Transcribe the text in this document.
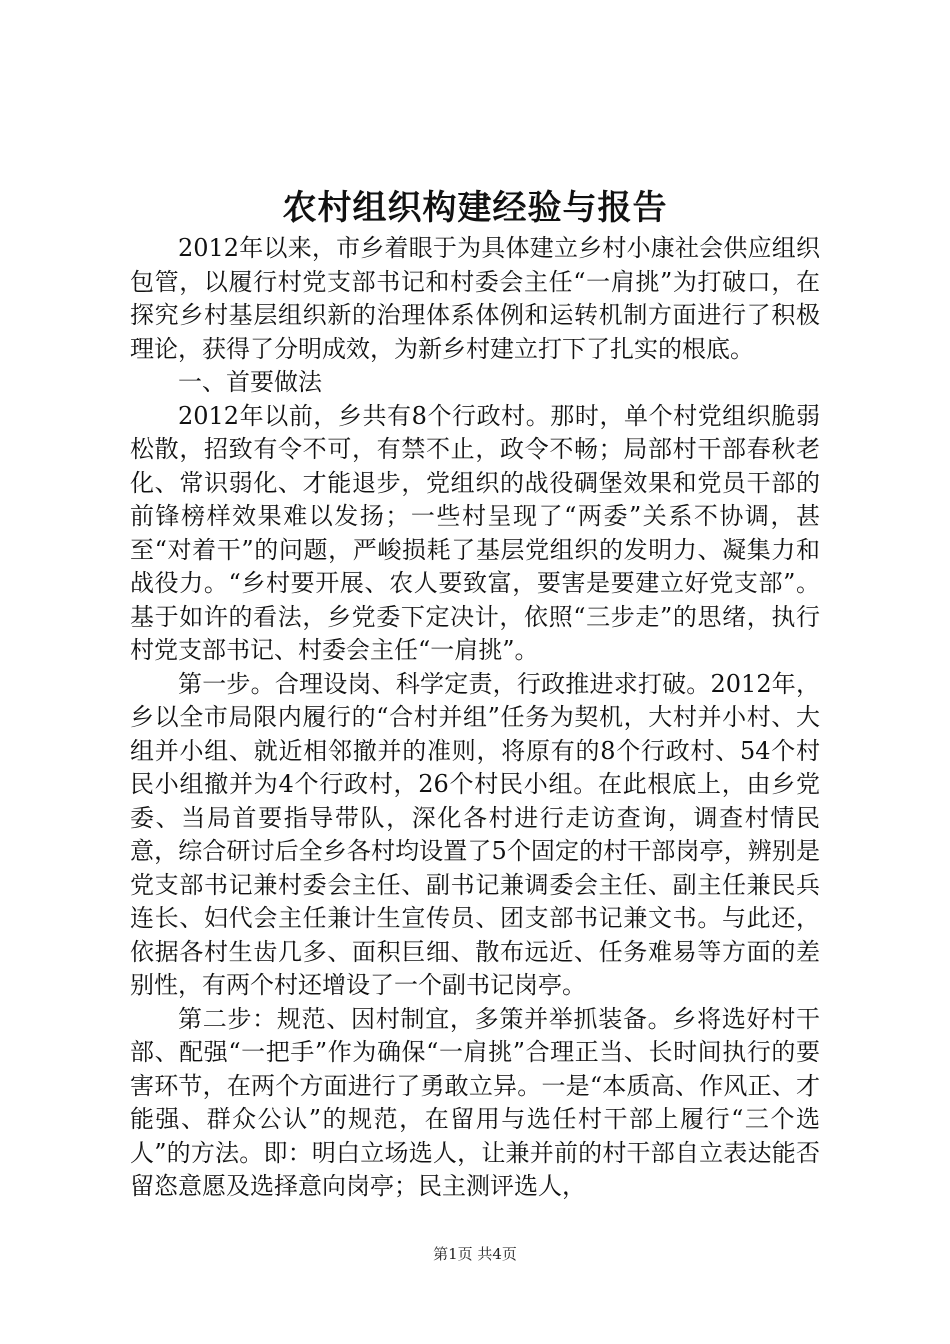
农村组织构建经验与报告

2012年以来，市乡着眼于为具体建立乡村小康社会供应组织包管，以履行村党支部书记和村委会主任“一肩挑”为打破口，在探究乡村基层组织新的治理体系体例和运转机制方面进行了积极理论，获得了分明成效，为新乡村建立打下了扎实的根底。

一、首要做法

2012年以前，乡共有8个行政村。那时，单个村党组织脆弱松散，招致有令不可，有禁不止，政令不畅；局部村干部春秋老化、常识弱化、才能退步，党组织的战役碉堡效果和党员干部的前锋榜样效果难以发扬；一些村呈现了“两委”关系不协调，甚至“对着干”的问题，严峻损耗了基层党组织的发明力、凝集力和战役力。“乡村要开展、农人要致富，要害是要建立好党支部”。基于如许的看法，乡党委下定决计，依照“三步走”的思绪，执行村党支部书记、村委会主任“一肩挑”。

第一步。合理设岗、科学定责，行政推进求打破。2012年，乡以全市局限内履行的“合村并组”任务为契机，大村并小村、大组并小组、就近相邻撤并的准则，将原有的8个行政村、54个村民小组撤并为4个行政村，26个村民小组。在此根底上，由乡党委、当局首要指导带队，深化各村进行走访查询，调查村情民意，综合研讨后全乡各村均设置了5个固定的村干部岗亭，辨别是党支部书记兼村委会主任、副书记兼调委会主任、副主任兼民兵连长、妇代会主任兼计生宣传员、团支部书记兼文书。与此还，依据各村生齿几多、面积巨细、散布远近、任务难易等方面的差别性，有两个村还增设了一个副书记岗亭。

第二步：规范、因村制宜，多策并举抓装备。乡将选好村干部、配强“一把手”作为确保“一肩挑”合理正当、长时间执行的要害环节，在两个方面进行了勇敢立异。一是“本质高、作风正、才能强、群众公认”的规范，在留用与选任村干部上履行“三个选人”的方法。即：明白立场选人，让兼并前的村干部自立表达能否留恣意愿及选择意向岗亭；民主测评选人，

第1页 共4页
